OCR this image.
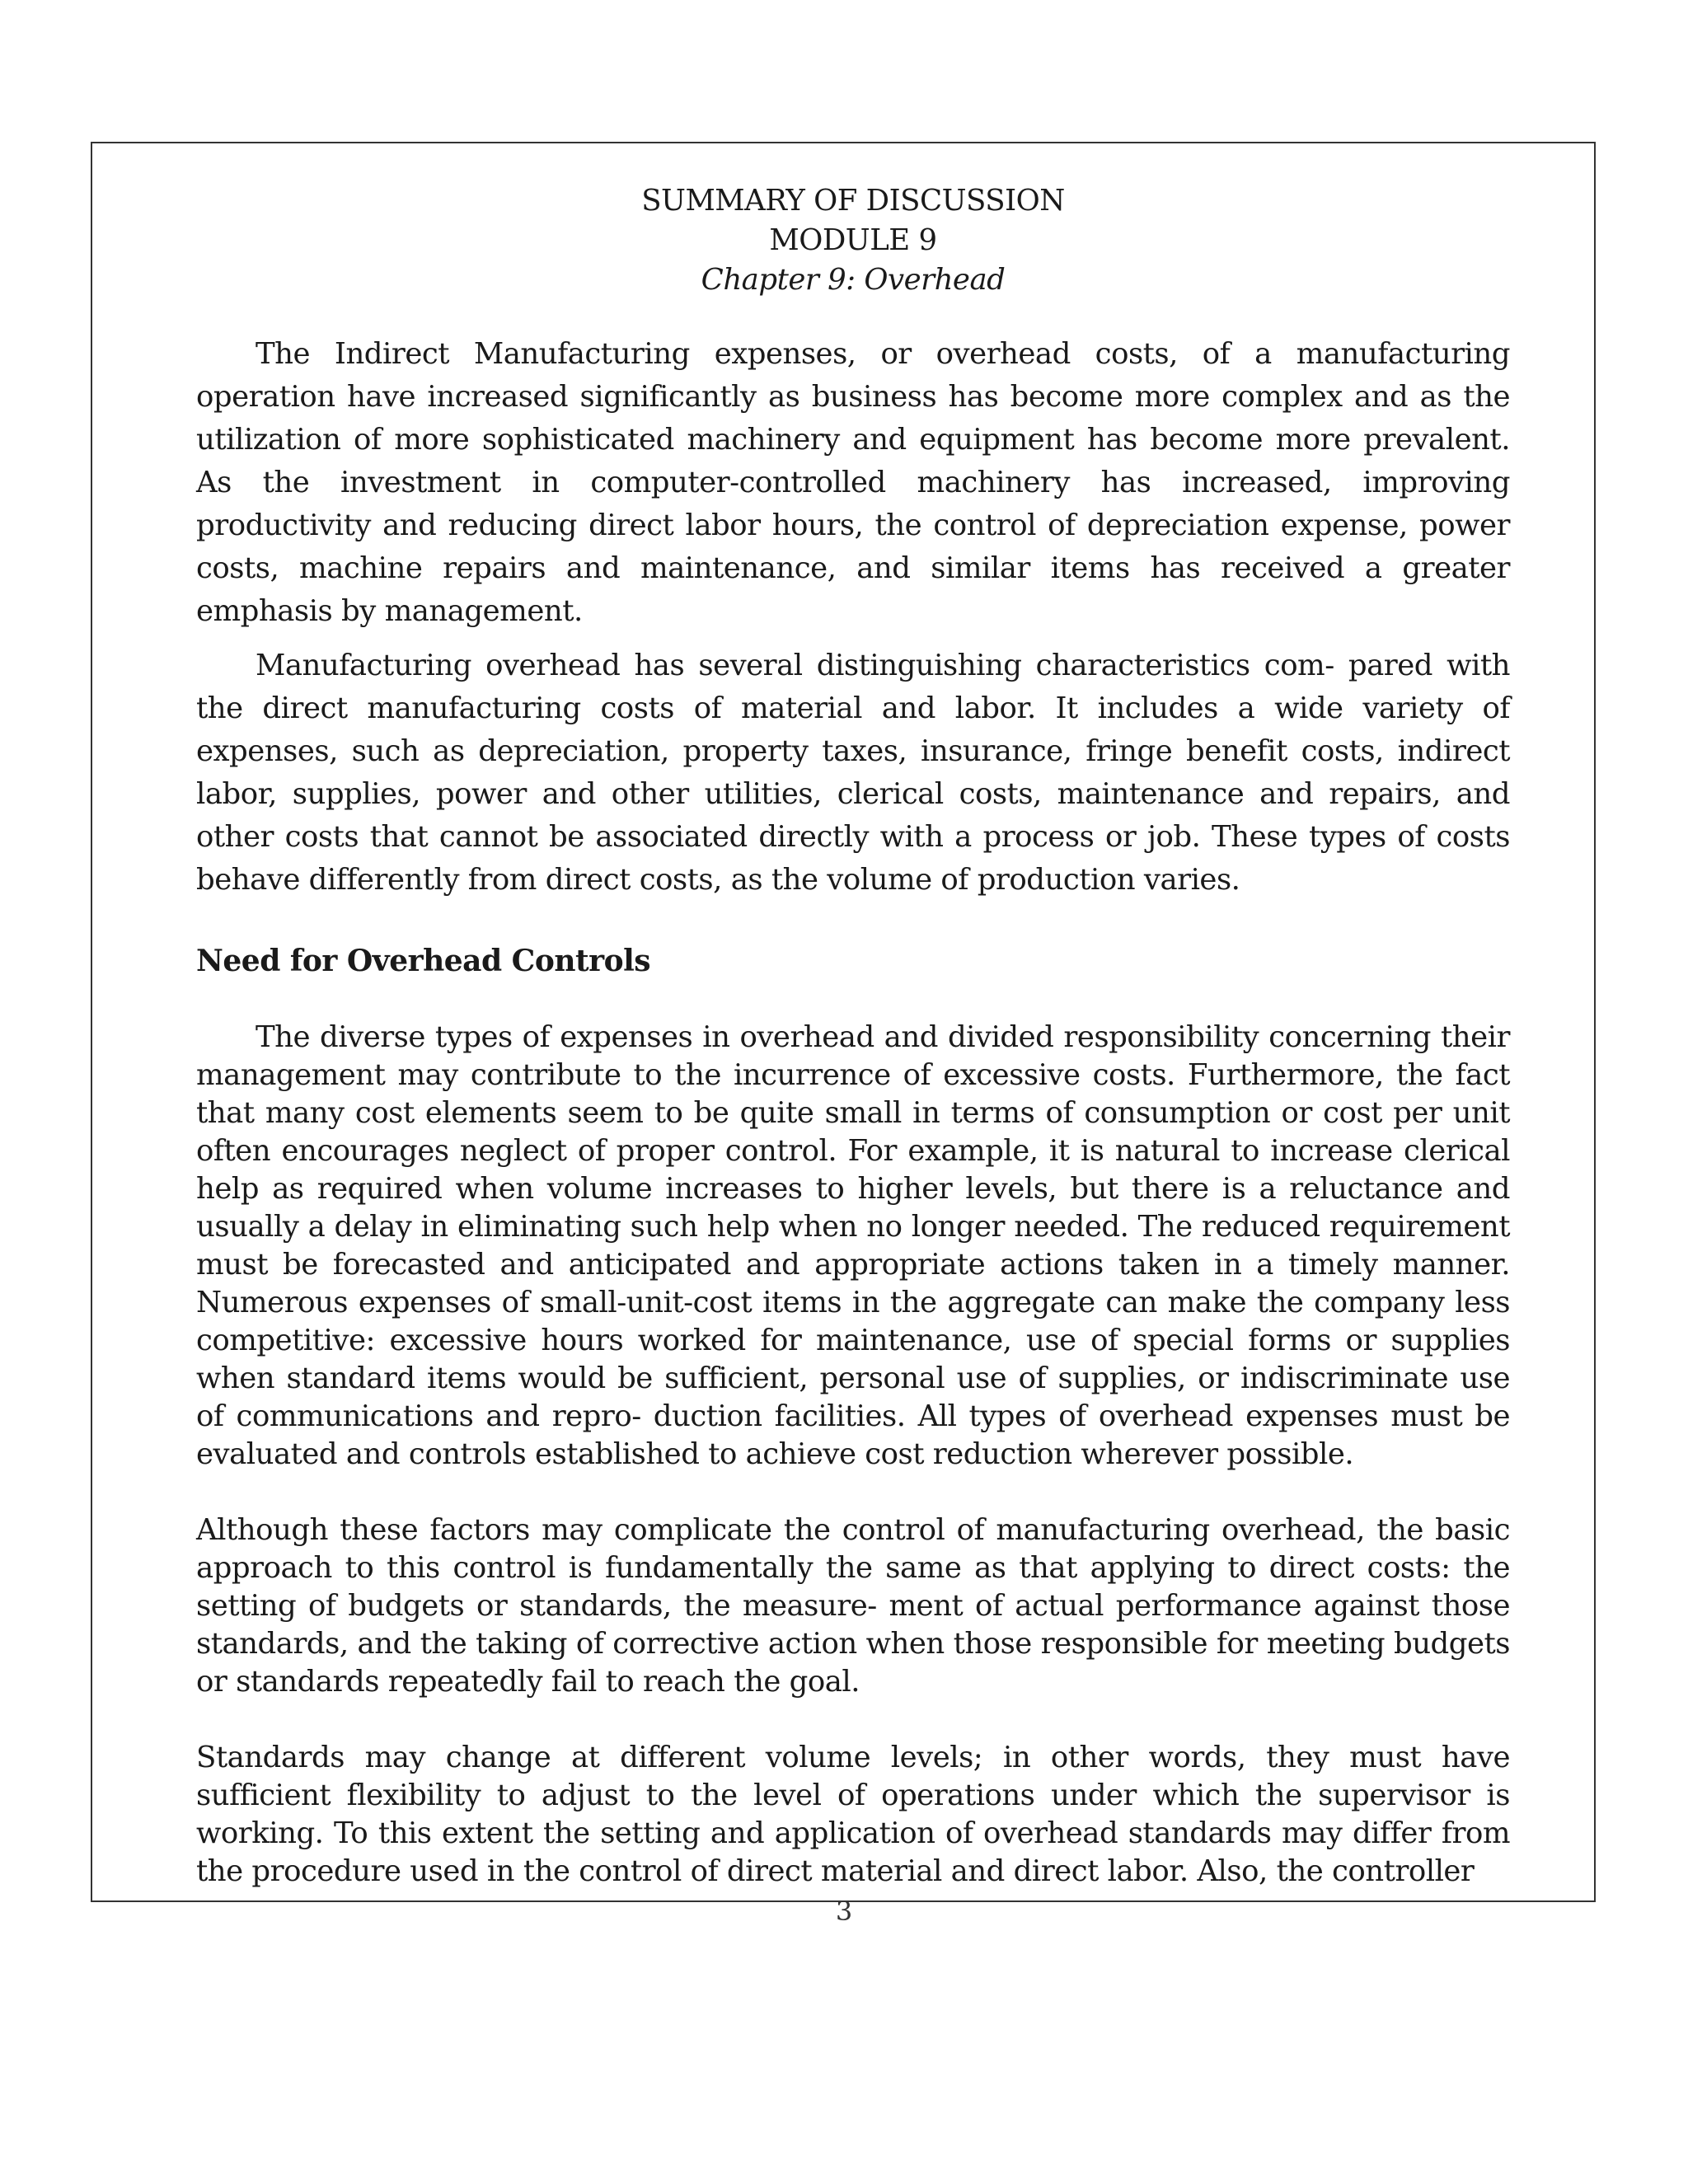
SUMMARY OF DISCUSSION
MODULE 9
Chapter 9: Overhead

The Indirect Manufacturing expenses, or overhead costs, of a manufacturing operation have increased significantly as business has become more complex and as the utilization of more sophisticated machinery and equipment has become more prevalent. As the investment in computer-controlled machinery has increased, improving productivity and reducing direct labor hours, the control of depreciation expense, power costs, machine repairs and maintenance, and similar items has received a greater emphasis by management.

Manufacturing overhead has several distinguishing characteristics com- pared with the direct manufacturing costs of material and labor. It includes a wide variety of expenses, such as depreciation, property taxes, insurance, fringe benefit costs, indirect labor, supplies, power and other utilities, clerical costs, maintenance and repairs, and other costs that cannot be associated directly with a process or job. These types of costs behave differently from direct costs, as the volume of production varies.

Need for Overhead Controls

The diverse types of expenses in overhead and divided responsibility concerning their management may contribute to the incurrence of excessive costs. Furthermore, the fact that many cost elements seem to be quite small in terms of consumption or cost per unit often encourages neglect of proper control. For example, it is natural to increase clerical help as required when volume increases to higher levels, but there is a reluctance and usually a delay in eliminating such help when no longer needed. The reduced requirement must be forecasted and anticipated and appropriate actions taken in a timely manner. Numerous expenses of small-unit-cost items in the aggregate can make the company less competitive: excessive hours worked for maintenance, use of special forms or supplies when standard items would be sufficient, personal use of supplies, or indiscriminate use of communications and repro- duction facilities. All types of overhead expenses must be evaluated and controls established to achieve cost reduction wherever possible.

Although these factors may complicate the control of manufacturing overhead, the basic approach to this control is fundamentally the same as that applying to direct costs: the setting of budgets or standards, the measure- ment of actual performance against those standards, and the taking of corrective action when those responsible for meeting budgets or standards repeatedly fail to reach the goal.

Standards may change at different volume levels; in other words, they must have sufficient flexibility to adjust to the level of operations under which the supervisor is working. To this extent the setting and application of overhead standards may differ from the procedure used in the control of direct material and direct labor. Also, the controller

3
